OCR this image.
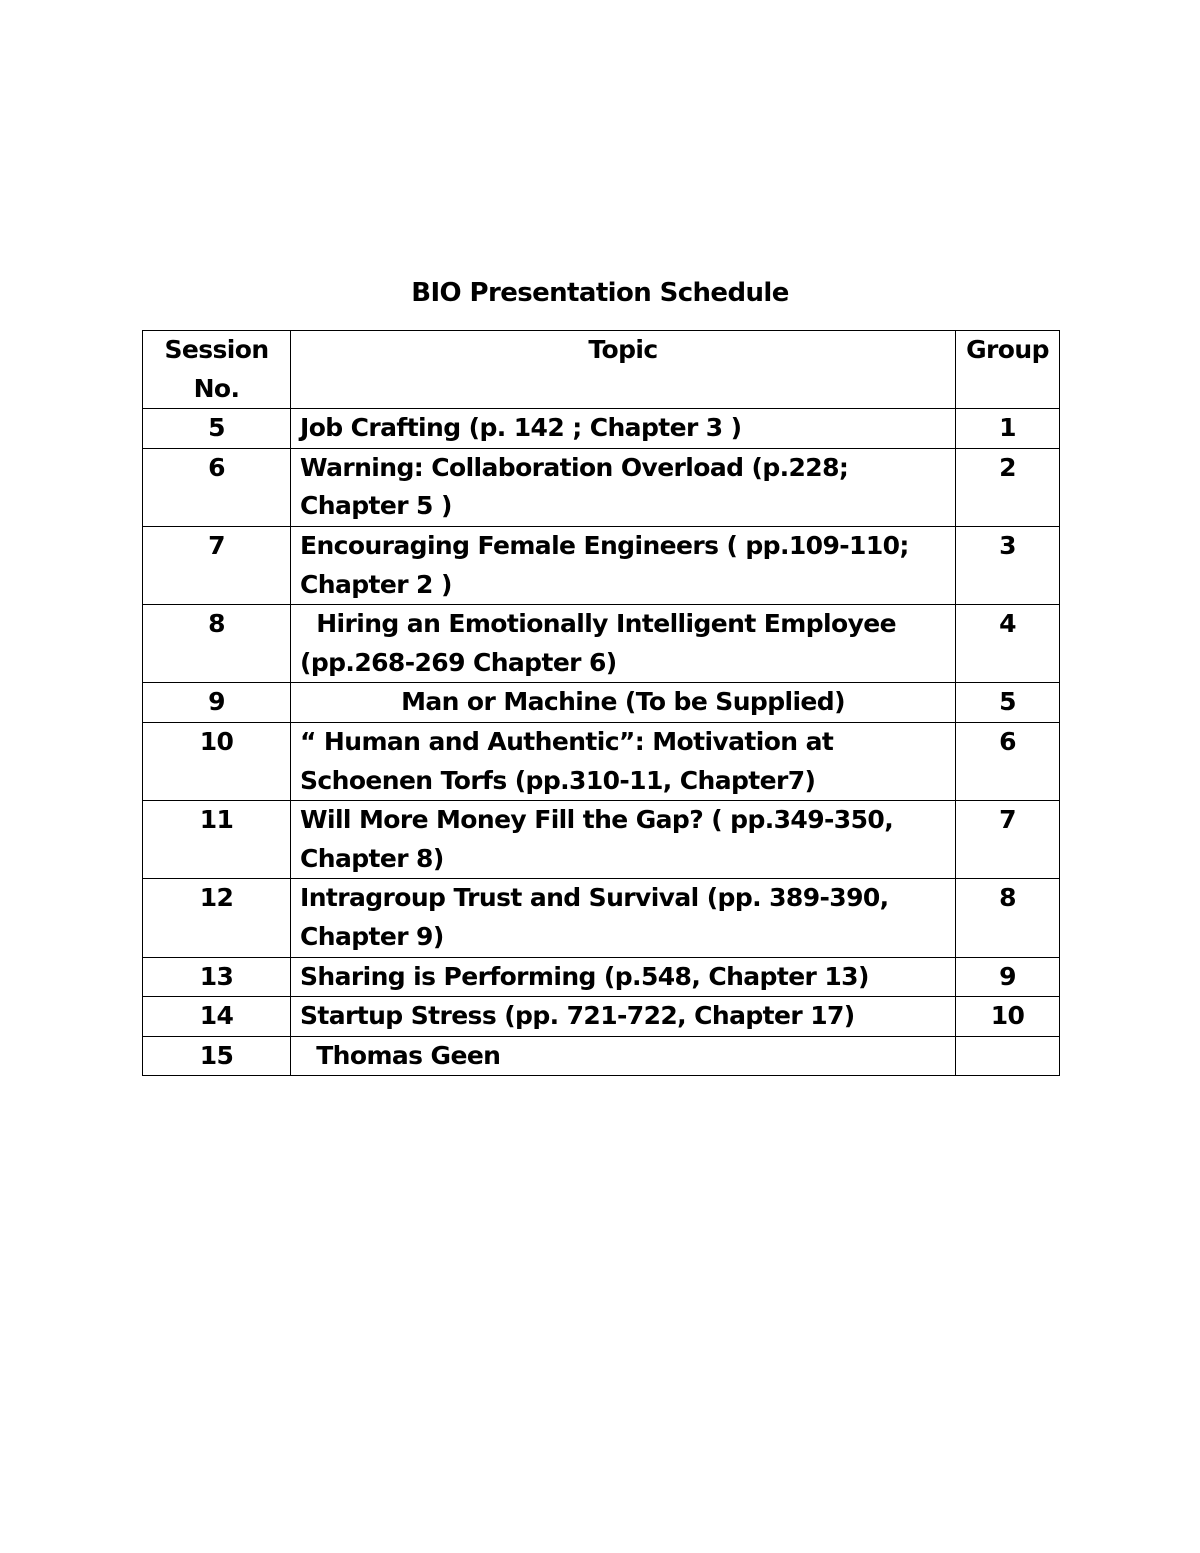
BIO Presentation Schedule
Session No.	Topic	Group
5	Job Crafting (p. 142 ; Chapter 3 )	1
6	Warning: Collaboration Overload (p.228; Chapter 5 )	2
7	Encouraging Female Engineers ( pp.109-110; Chapter 2 )	3
8	Hiring an Emotionally Intelligent Employee (pp.268-269 Chapter 6)	4
9	Man or Machine (To be Supplied)	5
10	“ Human and Authentic”: Motivation at Schoenen Torfs (pp.310-11, Chapter7)	6
11	Will More Money Fill the Gap? ( pp.349-350, Chapter 8)	7
12	Intragroup Trust and Survival (pp. 389-390, Chapter 9)	8
13	Sharing is Performing (p.548, Chapter 13)	9
14	Startup Stress (pp. 721-722, Chapter 17)	10
15	Thomas Geen	
